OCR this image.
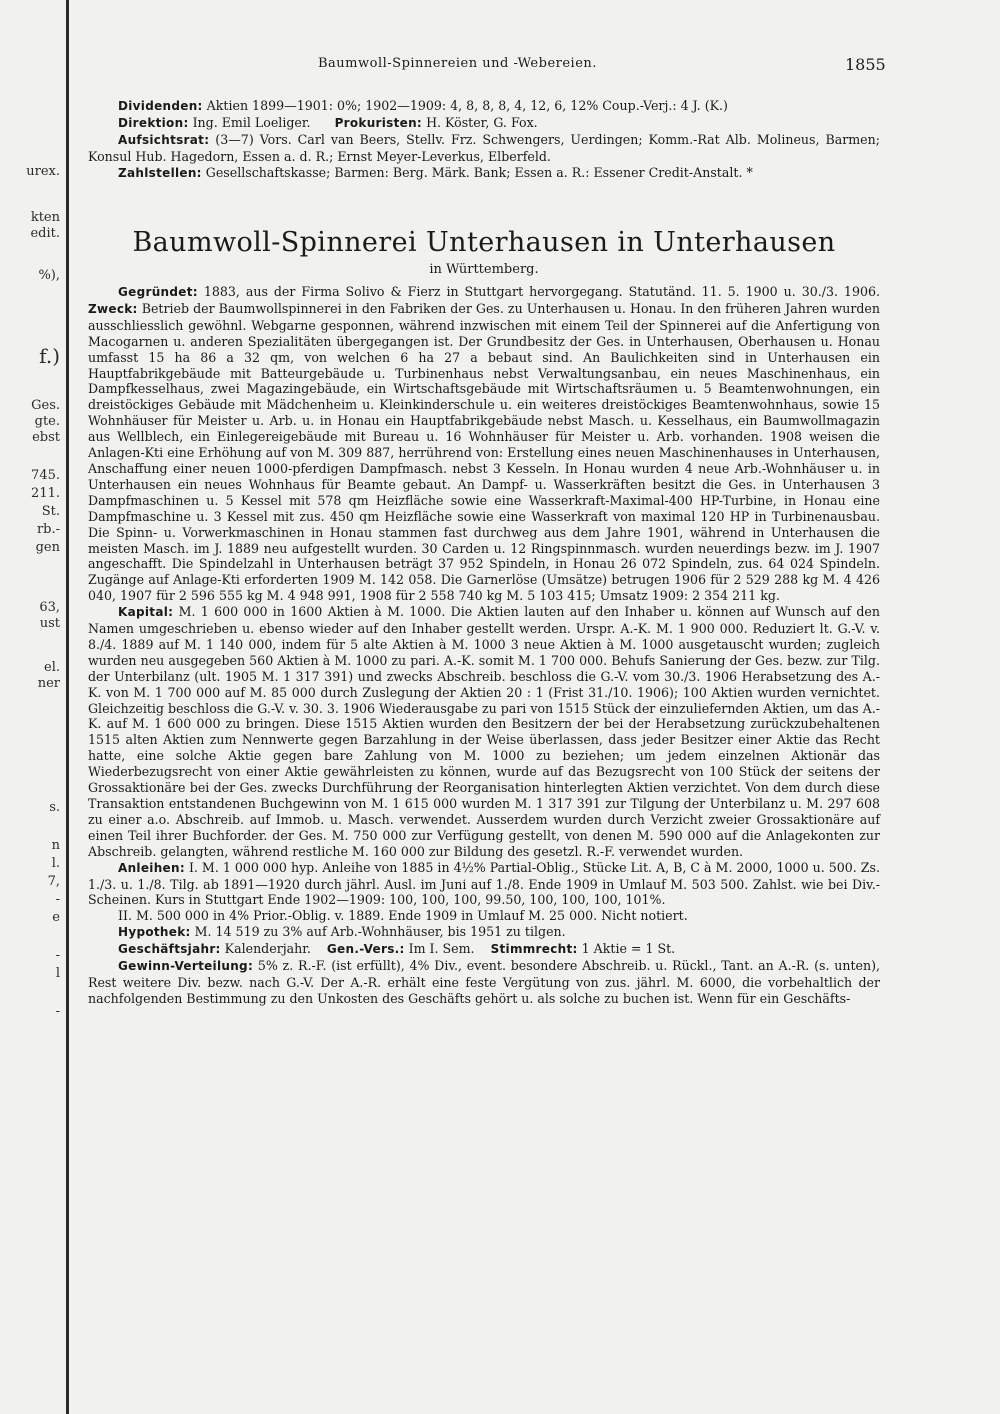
urex.
kten
edit.
%),
f.)
Ges.
gte.
ebst
745.
211.
St.
rb.-
gen
63,
ust
el.
ner
s.
n
l.
7,
-
e
-
l
-
Baumwoll-Spinnereien und -Webereien.	1855

Dividenden: Aktien 1899—1901: 0%; 1902—1909: 4, 8, 8, 8, 4, 12, 6, 12% Coup.-Verj.: 4 J. (K.)

Direktion: Ing. Emil Loeliger. Prokuristen: H. Köster, G. Fox.

Aufsichtsrat: (3—7) Vors. Carl van Beers, Stellv. Frz. Schwengers, Uerdingen; Komm.-Rat Alb. Molineus, Barmen; Konsul Hub. Hagedorn, Essen a. d. R.; Ernst Meyer-Leverkus, Elberfeld.

Zahlstellen: Gesellschaftskasse; Barmen: Berg. Märk. Bank; Essen a. R.: Essener Credit-Anstalt. *

Baumwoll-Spinnerei Unterhausen in Unterhausen
in Württemberg.

Gegründet: 1883, aus der Firma Solivo & Fierz in Stuttgart hervorgegang. Statutänd. 11. 5. 1900 u. 30./3. 1906. Zweck: Betrieb der Baumwollspinnerei in den Fabriken der Ges. zu Unterhausen u. Honau. In den früheren Jahren wurden ausschliesslich gewöhnl. Webgarne gesponnen, während inzwischen mit einem Teil der Spinnerei auf die Anfertigung von Macogarnen u. anderen Spezialitäten übergegangen ist. Der Grundbesitz der Ges. in Unterhausen, Oberhausen u. Honau umfasst 15 ha 86 a 32 qm, von welchen 6 ha 27 a bebaut sind. An Baulichkeiten sind in Unterhausen ein Hauptfabrikgebäude mit Batteurgebäude u. Turbinenhaus nebst Verwaltungsanbau, ein neues Maschinenhaus, ein Dampfkesselhaus, zwei Magazingebäude, ein Wirtschaftsgebäude mit Wirtschaftsräumen u. 5 Beamtenwohnungen, ein dreistöckiges Gebäude mit Mädchenheim u. Kleinkinderschule u. ein weiteres dreistöckiges Beamtenwohnhaus, sowie 15 Wohnhäuser für Meister u. Arb. u. in Honau ein Hauptfabrikgebäude nebst Masch. u. Kesselhaus, ein Baumwollmagazin aus Wellblech, ein Einlegereigebäude mit Bureau u. 16 Wohnhäuser für Meister u. Arb. vorhanden. 1908 weisen die Anlagen-Kti eine Erhöhung auf von M. 309 887, herrührend von: Erstellung eines neuen Maschinenhauses in Unterhausen, Anschaffung einer neuen 1000-pferdigen Dampfmasch. nebst 3 Kesseln. In Honau wurden 4 neue Arb.-Wohnhäuser u. in Unterhausen ein neues Wohnhaus für Beamte gebaut. An Dampf- u. Wasserkräften besitzt die Ges. in Unterhausen 3 Dampfmaschinen u. 5 Kessel mit 578 qm Heizfläche sowie eine Wasserkraft-Maximal-400 HP-Turbine, in Honau eine Dampfmaschine u. 3 Kessel mit zus. 450 qm Heizfläche sowie eine Wasserkraft von maximal 120 HP in Turbinenausbau. Die Spinn- u. Vorwerkmaschinen in Honau stammen fast durchweg aus dem Jahre 1901, während in Unterhausen die meisten Masch. im J. 1889 neu aufgestellt wurden. 30 Carden u. 12 Ringspinnmasch. wurden neuerdings bezw. im J. 1907 angeschafft. Die Spindelzahl in Unterhausen beträgt 37 952 Spindeln, in Honau 26 072 Spindeln, zus. 64 024 Spindeln. Zugänge auf Anlage-Kti erforderten 1909 M. 142 058. Die Garnerlöse (Umsätze) betrugen 1906 für 2 529 288 kg M. 4 426 040, 1907 für 2 596 555 kg M. 4 948 991, 1908 für 2 558 740 kg M. 5 103 415; Umsatz 1909: 2 354 211 kg.

Kapital: M. 1 600 000 in 1600 Aktien à M. 1000. Die Aktien lauten auf den Inhaber u. können auf Wunsch auf den Namen umgeschrieben u. ebenso wieder auf den Inhaber gestellt werden. Urspr. A.-K. M. 1 900 000. Reduziert lt. G.-V. v. 8./4. 1889 auf M. 1 140 000, indem für 5 alte Aktien à M. 1000 3 neue Aktien à M. 1000 ausgetauscht wurden; zugleich wurden neu ausgegeben 560 Aktien à M. 1000 zu pari. A.-K. somit M. 1 700 000. Behufs Sanierung der Ges. bezw. zur Tilg. der Unterbilanz (ult. 1905 M. 1 317 391) und zwecks Abschreib. beschloss die G.-V. vom 30./3. 1906 Herabsetzung des A.-K. von M. 1 700 000 auf M. 85 000 durch Zuslegung der Aktien 20 : 1 (Frist 31./10. 1906); 100 Aktien wurden vernichtet. Gleichzeitig beschloss die G.-V. v. 30. 3. 1906 Wiederausgabe zu pari von 1515 Stück der einzuliefernden Aktien, um das A.-K. auf M. 1 600 000 zu bringen. Diese 1515 Aktien wurden den Besitzern der bei der Herabsetzung zurückzubehaltenen 1515 alten Aktien zum Nennwerte gegen Barzahlung in der Weise überlassen, dass jeder Besitzer einer Aktie das Recht hatte, eine solche Aktie gegen bare Zahlung von M. 1000 zu beziehen; um jedem einzelnen Aktionär das Wiederbezugsrecht von einer Aktie gewährleisten zu können, wurde auf das Bezugsrecht von 100 Stück der seitens der Grossaktionäre bei der Ges. zwecks Durchführung der Reorganisation hinterlegten Aktien verzichtet. Von dem durch diese Transaktion entstandenen Buchgewinn von M. 1 615 000 wurden M. 1 317 391 zur Tilgung der Unterbilanz u. M. 297 608 zu einer a.o. Abschreib. auf Immob. u. Masch. verwendet. Ausserdem wurden durch Verzicht zweier Grossaktionäre auf einen Teil ihrer Buchforder. der Ges. M. 750 000 zur Verfügung gestellt, von denen M. 590 000 auf die Anlagekonten zur Abschreib. gelangten, während restliche M. 160 000 zur Bildung des gesetzl. R.-F. verwendet wurden.

Anleihen: I. M. 1 000 000 hyp. Anleihe von 1885 in 4½% Partial-Oblig., Stücke Lit. A, B, C à M. 2000, 1000 u. 500. Zs. 1./3. u. 1./8. Tilg. ab 1891—1920 durch jährl. Ausl. im Juni auf 1./8. Ende 1909 in Umlauf M. 503 500. Zahlst. wie bei Div.-Scheinen. Kurs in Stuttgart Ende 1902—1909: 100, 100, 100, 99.50, 100, 100, 100, 101%.

II. M. 500 000 in 4% Prior.-Oblig. v. 1889. Ende 1909 in Umlauf M. 25 000. Nicht notiert.

Hypothek: M. 14 519 zu 3% auf Arb.-Wohnhäuser, bis 1951 zu tilgen.

Geschäftsjahr: Kalenderjahr. Gen.-Vers.: Im I. Sem. Stimmrecht: 1 Aktie = 1 St.

Gewinn-Verteilung: 5% z. R.-F. (ist erfüllt), 4% Div., event. besondere Abschreib. u. Rückl., Tant. an A.-R. (s. unten), Rest weitere Div. bezw. nach G.-V. Der A.-R. erhält eine feste Vergütung von zus. jährl. M. 6000, die vorbehaltlich der nachfolgenden Bestimmung zu den Unkosten des Geschäfts gehört u. als solche zu buchen ist. Wenn für ein Geschäfts-
